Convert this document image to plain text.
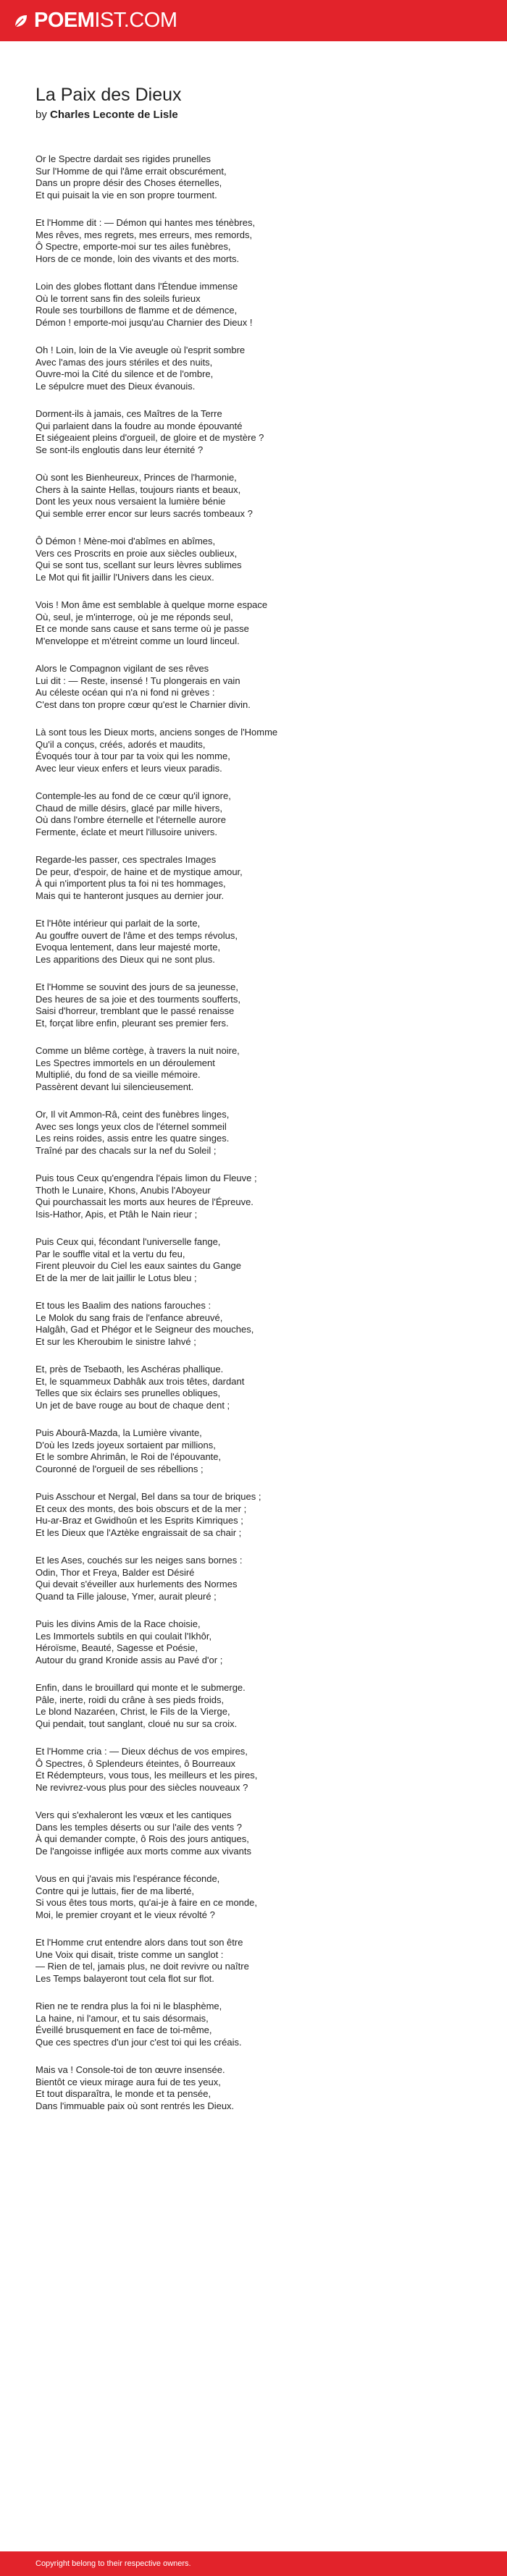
POEMIST.COM
La Paix des Dieux
by Charles Leconte de Lisle
Or le Spectre dardait ses rigides prunelles
Sur l'Homme de qui l'âme errait obscurément,
Dans un propre désir des Choses éternelles,
Et qui puisait la vie en son propre tourment.
Et l'Homme dit : — Démon qui hantes mes ténèbres,
Mes rêves, mes regrets, mes erreurs, mes remords,
Ô Spectre, emporte-moi sur tes ailes funèbres,
Hors de ce monde, loin des vivants et des morts.
Loin des globes flottant dans l'Étendue immense
Où le torrent sans fin des soleils furieux
Roule ses tourbillons de flamme et de démence,
Démon ! emporte-moi jusqu'au Charnier des Dieux !
Oh ! Loin, loin de la Vie aveugle où l'esprit sombre
Avec l'amas des jours stériles et des nuits,
Ouvre-moi la Cité du silence et de l'ombre,
Le sépulcre muet des Dieux évanouis.
Dorment-ils à jamais, ces Maîtres de la Terre
Qui parlaient dans la foudre au monde épouvanté
Et siégeaient pleins d'orgueil, de gloire et de mystère ?
Se sont-ils engloutis dans leur éternité ?
Où sont les Bienheureux, Princes de l'harmonie,
Chers à la sainte Hellas, toujours riants et beaux,
Dont les yeux nous versaient la lumière bénie
Qui semble errer encor sur leurs sacrés tombeaux ?
Ô Démon ! Mène-moi d'abîmes en abîmes,
Vers ces Proscrits en proie aux siècles oublieux,
Qui se sont tus, scellant sur leurs lèvres sublimes
Le Mot qui fit jaillir l'Univers dans les cieux.
Vois ! Mon âme est semblable à quelque morne espace
Où, seul, je m'interroge, où je me réponds seul,
Et ce monde sans cause et sans terme où je passe
M'enveloppe et m'étreint comme un lourd linceul.
Alors le Compagnon vigilant de ses rêves
Lui dit : — Reste, insensé ! Tu plongerais en vain
Au céleste océan qui n'a ni fond ni grèves :
C'est dans ton propre cœur qu'est le Charnier divin.
Là sont tous les Dieux morts, anciens songes de l'Homme
Qu'il a conçus, créés, adorés et maudits,
Évoqués tour à tour par ta voix qui les nomme,
Avec leur vieux enfers et leurs vieux paradis.
Contemple-les au fond de ce cœur qu'il ignore,
Chaud de mille désirs, glacé par mille hivers,
Où dans l'ombre éternelle et l'éternelle aurore
Fermente, éclate et meurt l'illusoire univers.
Regarde-les passer, ces spectrales Images
De peur, d'espoir, de haine et de mystique amour,
À qui n'importent plus ta foi ni tes hommages,
Mais qui te hanteront jusques au dernier jour.
Et l'Hôte intérieur qui parlait de la sorte,
Au gouffre ouvert de l'âme et des temps révolus,
Evoqua lentement, dans leur majesté morte,
Les apparitions des Dieux qui ne sont plus.
Et l'Homme se souvint des jours de sa jeunesse,
Des heures de sa joie et des tourments soufferts,
Saisi d'horreur, tremblant que le passé renaisse
Et, forçat libre enfin, pleurant ses premier fers.
Comme un blême cortège, à travers la nuit noire,
Les Spectres immortels en un déroulement
Multiplié, du fond de sa vieille mémoire.
Passèrent devant lui silencieusement.
Or, Il vit Ammon-Râ, ceint des funèbres linges,
Avec ses longs yeux clos de l'éternel sommeil
Les reins roides, assis entre les quatre singes.
Traîné par des chacals sur la nef du Soleil ;
Puis tous Ceux qu'engendra l'épais limon du Fleuve ;
Thoth le Lunaire, Khons, Anubis l'Aboyeur
Qui pourchassait les morts aux heures de l'Épreuve.
Isis-Hathor, Apis, et Ptâh le Nain rieur ;
Puis Ceux qui, fécondant l'universelle fange,
Par le souffle vital et la vertu du feu,
Firent pleuvoir du Ciel les eaux saintes du Gange
Et de la mer de lait jaillir le Lotus bleu ;
Et tous les Baalim des nations farouches :
Le Molok du sang frais de l'enfance abreuvé,
Halgâh, Gad et Phégor et le Seigneur des mouches,
Et sur les Kheroubim le sinistre Iahvé ;
Et, près de Tsebaoth, les Aschéras phallique.
Et, le squammeux Dabhâk aux trois têtes, dardant
Telles que six éclairs ses prunelles obliques,
Un jet de bave rouge au bout de chaque dent ;
Puis Abourâ-Mazda, la Lumière vivante,
D'où les Izeds joyeux sortaient par millions,
Et le sombre Ahrimân, le Roi de l'épouvante,
Couronné de l'orgueil de ses rébellions ;
Puis Asschour et Nergal, Bel dans sa tour de briques ;
Et ceux des monts, des bois obscurs et de la mer ;
Hu-ar-Braz et Gwidhoûn et les Esprits Kimriques ;
Et les Dieux que l'Aztèke engraissait de sa chair ;
Et les Ases, couchés sur les neiges sans bornes :
Odin, Thor et Freya, Balder est Désiré
Qui devait s'éveiller aux hurlements des Normes
Quand ta Fille jalouse, Ymer, aurait pleuré ;
Puis les divins Amis de la Race choisie,
Les Immortels subtils en qui coulait l'Ikhôr,
Héroïsme, Beauté, Sagesse et Poésie,
Autour du grand Kronide assis au Pavé d'or ;
Enfin, dans le brouillard qui monte et le submerge.
Pâle, inerte, roidi du crâne à ses pieds froids,
Le blond Nazaréen, Christ, le Fils de la Vierge,
Qui pendait, tout sanglant, cloué nu sur sa croix.
Et l'Homme cria : — Dieux déchus de vos empires,
Ô Spectres, ô Splendeurs éteintes, ô Bourreaux
Et Rédempteurs, vous tous, les meilleurs et les pires,
Ne revivrez-vous plus pour des siècles nouveaux ?
Vers qui s'exhaleront les vœux et les cantiques
Dans les temples déserts ou sur l'aile des vents ?
À qui demander compte, ô Rois des jours antiques,
De l'angoisse infligée aux morts comme aux vivants
Vous en qui j'avais mis l'espérance féconde,
Contre qui je luttais, fier de ma liberté,
Si vous êtes tous morts, qu'ai-je à faire en ce monde,
Moi, le premier croyant et le vieux révolté ?
Et l'Homme crut entendre alors dans tout son être
Une Voix qui disait, triste comme un sanglot :
— Rien de tel, jamais plus, ne doit revivre ou naître
Les Temps balayeront tout cela flot sur flot.
Rien ne te rendra plus la foi ni le blasphème,
La haine, ni l'amour, et tu sais désormais,
Éveillé brusquement en face de toi-même,
Que ces spectres d'un jour c'est toi qui les créais.
Mais va ! Console-toi de ton œuvre insensée.
Bientôt ce vieux mirage aura fui de tes yeux,
Et tout disparaîtra, le monde et ta pensée,
Dans l'immuable paix où sont rentrés les Dieux.
Copyright belong to their respective owners.
